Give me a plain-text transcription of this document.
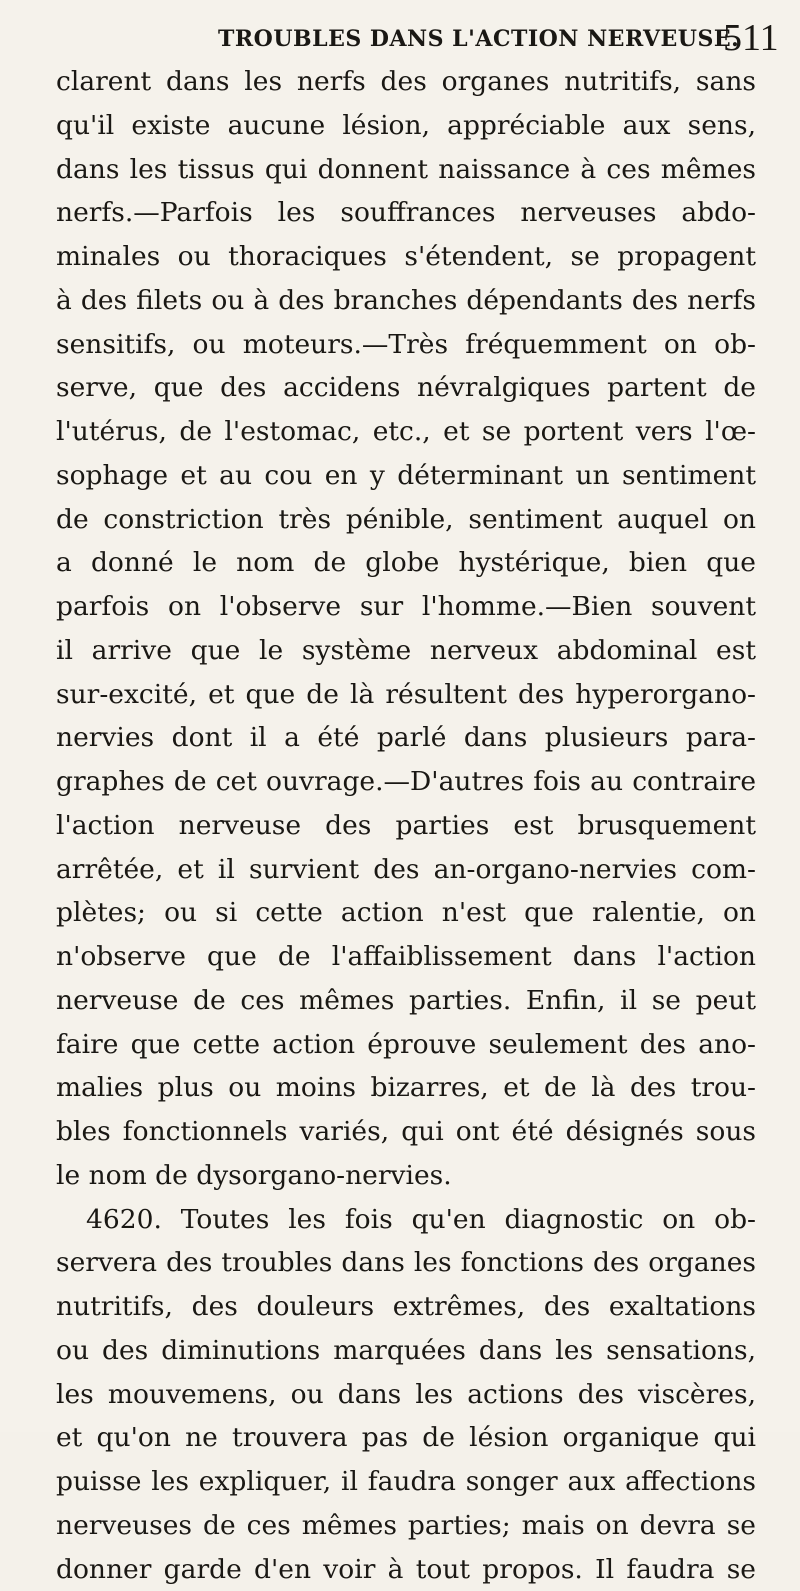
TROUBLES DANS L'ACTION NERVEUSE.
511
clarent dans les nerfs des organes nutritifs, sans
qu'il existe aucune lésion, appréciable aux sens,
dans les tissus qui donnent naissance à ces mêmes
nerfs.—Parfois les souffrances nerveuses abdo-
minales ou thoraciques s'étendent, se propagent
à des filets ou à des branches dépendants des nerfs
sensitifs, ou moteurs.—Très fréquemment on ob-
serve, que des accidens névralgiques partent de
l'utérus, de l'estomac, etc., et se portent vers l'œ-
sophage et au cou en y déterminant un sentiment
de constriction très pénible, sentiment auquel on
a donné le nom de globe hystérique, bien que
parfois on l'observe sur l'homme.—Bien souvent
il arrive que le système nerveux abdominal est
sur-excité, et que de là résultent des hyperorgano-
nervies dont il a été parlé dans plusieurs para-
graphes de cet ouvrage.—D'autres fois au contraire
l'action nerveuse des parties est brusquement
arrêtée, et il survient des an-organo-nervies com-
plètes; ou si cette action n'est que ralentie, on
n'observe que de l'affaiblissement dans l'action
nerveuse de ces mêmes parties. Enfin, il se peut
faire que cette action éprouve seulement des ano-
malies plus ou moins bizarres, et de là des trou-
bles fonctionnels variés, qui ont été désignés sous
le nom de dysorgano-nervies.
4620. Toutes les fois qu'en diagnostic on ob-
servera des troubles dans les fonctions des organes
nutritifs, des douleurs extrêmes, des exaltations
ou des diminutions marquées dans les sensations,
les mouvemens, ou dans les actions des viscères,
et qu'on ne trouvera pas de lésion organique qui
puisse les expliquer, il faudra songer aux affections
nerveuses de ces mêmes parties; mais on devra se
donner garde d'en voir à tout propos. Il faudra se
